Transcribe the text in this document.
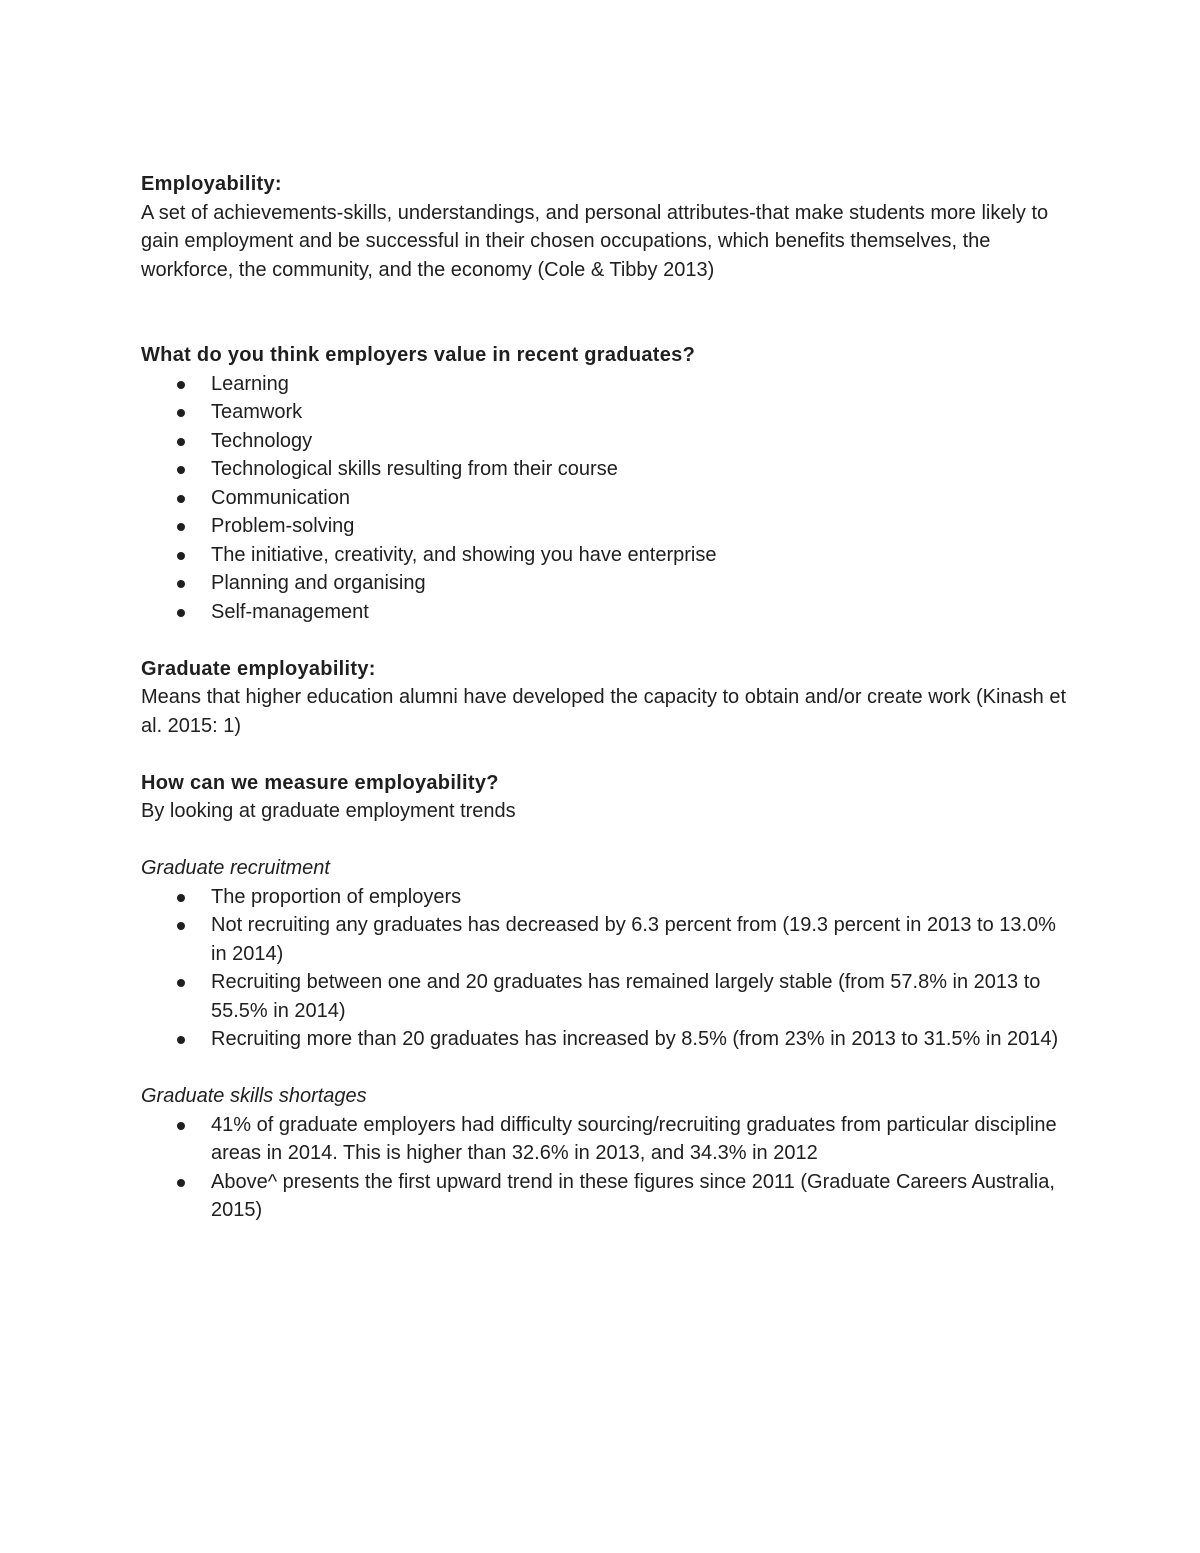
Employability:

A set of achievements-skills, understandings, and personal attributes-that make students more likely to gain employment and be successful in their chosen occupations, which benefits themselves, the workforce, the community, and the economy (Cole & Tibby 2013)

What do you think employers value in recent graduates?

Learning
Teamwork
Technology
Technological skills resulting from their course
Communication
Problem-solving
The initiative, creativity, and showing you have enterprise
Planning and organising
Self-management

Graduate employability:

Means that higher education alumni have developed the capacity to obtain and/or create work (Kinash et al. 2015: 1)

How can we measure employability?

By looking at graduate employment trends

Graduate recruitment

The proportion of employers
Not recruiting any graduates has decreased by 6.3 percent from (19.3 percent in 2013 to 13.0% in 2014)
Recruiting between one and 20 graduates has remained largely stable (from 57.8% in 2013 to 55.5% in 2014)
Recruiting more than 20 graduates has increased by 8.5% (from 23% in 2013 to 31.5% in 2014)

Graduate skills shortages

41% of graduate employers had difficulty sourcing/recruiting graduates from particular discipline areas in 2014. This is higher than 32.6% in 2013, and 34.3% in 2012
Above^ presents the first upward trend in these figures since 2011 (Graduate Careers Australia, 2015)
